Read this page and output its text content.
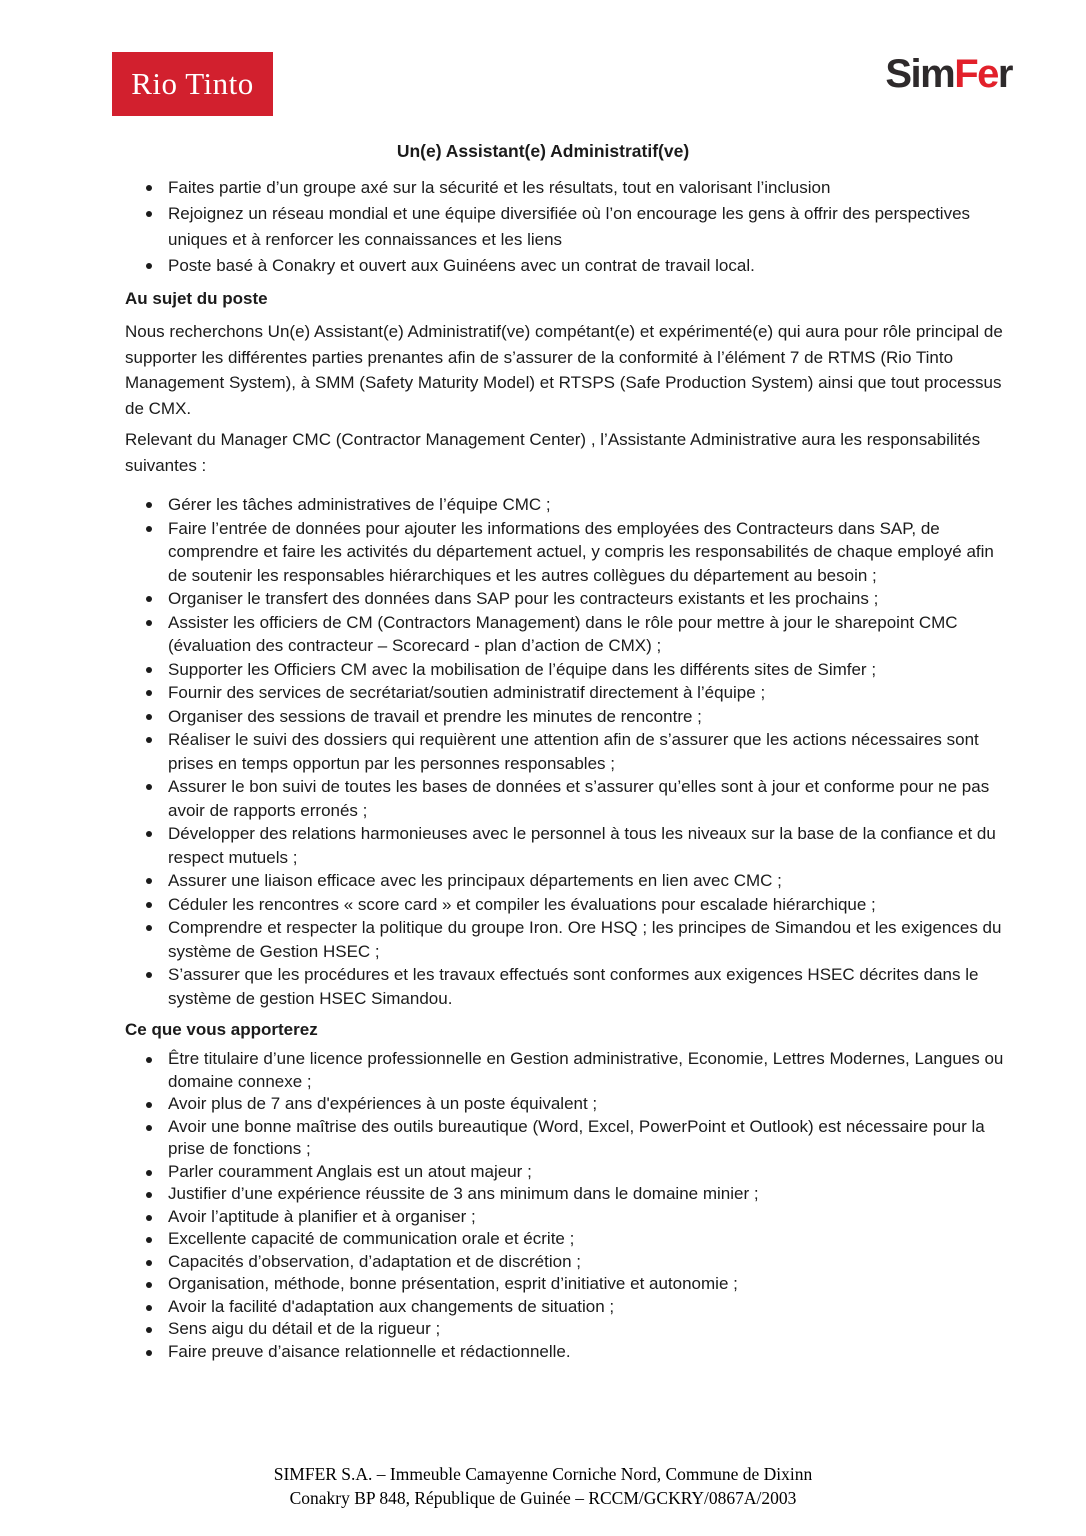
Rio Tinto	SimFer
Un(e) Assistant(e) Administratif(ve)
Faites partie d’un groupe axé sur la sécurité et les résultats, tout en valorisant l’inclusion
Rejoignez un réseau mondial et une équipe diversifiée où l’on encourage les gens à offrir des perspectives uniques et à renforcer les connaissances et les liens
Poste basé à Conakry et ouvert aux Guinéens avec un contrat de travail local.
Au sujet du poste

Nous recherchons Un(e) Assistant(e) Administratif(ve) compétant(e) et expérimenté(e) qui aura pour rôle principal de supporter les différentes parties prenantes afin de s’assurer de la conformité à l’élément 7 de RTMS (Rio Tinto Management System), à SMM (Safety Maturity Model) et RTSPS (Safe Production System) ainsi que tout processus de CMX.

Relevant du Manager CMC (Contractor Management Center) , l’Assistante Administrative aura les responsabilités suivantes :

Gérer les tâches administratives de l’équipe CMC ;
Faire l’entrée de données pour ajouter les informations des employées des Contracteurs dans SAP, de comprendre et faire les activités du département actuel, y compris les responsabilités de chaque employé afin de soutenir les responsables hiérarchiques et les autres collègues du département au besoin ;
Organiser le transfert des données dans SAP pour les contracteurs existants et les prochains ;
Assister les officiers de CM (Contractors Management) dans le rôle pour mettre à jour le sharepoint CMC (évaluation des contracteur – Scorecard - plan d’action de CMX) ;
Supporter les Officiers CM avec la mobilisation de l’équipe dans les différents sites de Simfer ;
Fournir des services de secrétariat/soutien administratif directement à l’équipe ;
Organiser des sessions de travail et prendre les minutes de rencontre ;
Réaliser le suivi des dossiers qui requièrent une attention afin de s’assurer que les actions nécessaires sont prises en temps opportun par les personnes responsables ;
Assurer le bon suivi de toutes les bases de données et s’assurer qu’elles sont à jour et conforme pour ne pas avoir de rapports erronés ;
Développer des relations harmonieuses avec le personnel à tous les niveaux sur la base de la confiance et du respect mutuels ;
Assurer une liaison efficace avec les principaux départements en lien avec CMC ;
Céduler les rencontres « score card » et compiler les évaluations pour escalade hiérarchique ;
Comprendre et respecter la politique du groupe Iron. Ore HSQ ; les principes de Simandou et les exigences du système de Gestion HSEC ;
S’assurer que les procédures et les travaux effectués sont conformes aux exigences HSEC décrites dans le système de gestion HSEC Simandou.
Ce que vous apporterez
Être titulaire d’une licence professionnelle en Gestion administrative, Economie, Lettres Modernes, Langues ou domaine connexe ;
Avoir plus de 7 ans d'expériences à un poste équivalent ;
Avoir une bonne maîtrise des outils bureautique (Word, Excel, PowerPoint et Outlook) est nécessaire pour la prise de fonctions ;
Parler couramment Anglais est un atout majeur ;
Justifier d’une expérience réussite de 3 ans minimum dans le domaine minier ;
Avoir l’aptitude à planifier et à organiser ;
Excellente capacité de communication orale et écrite ;
Capacités d’observation, d’adaptation et de discrétion ;
Organisation, méthode, bonne présentation, esprit d’initiative et autonomie ;
Avoir la facilité d'adaptation aux changements de situation ;
Sens aigu du détail et de la rigueur ;
Faire preuve d’aisance relationnelle et rédactionnelle.
SIMFER S.A. – Immeuble Camayenne Corniche Nord, Commune de Dixinn
Conakry BP 848, République de Guinée – RCCM/GCKRY/0867A/2003
